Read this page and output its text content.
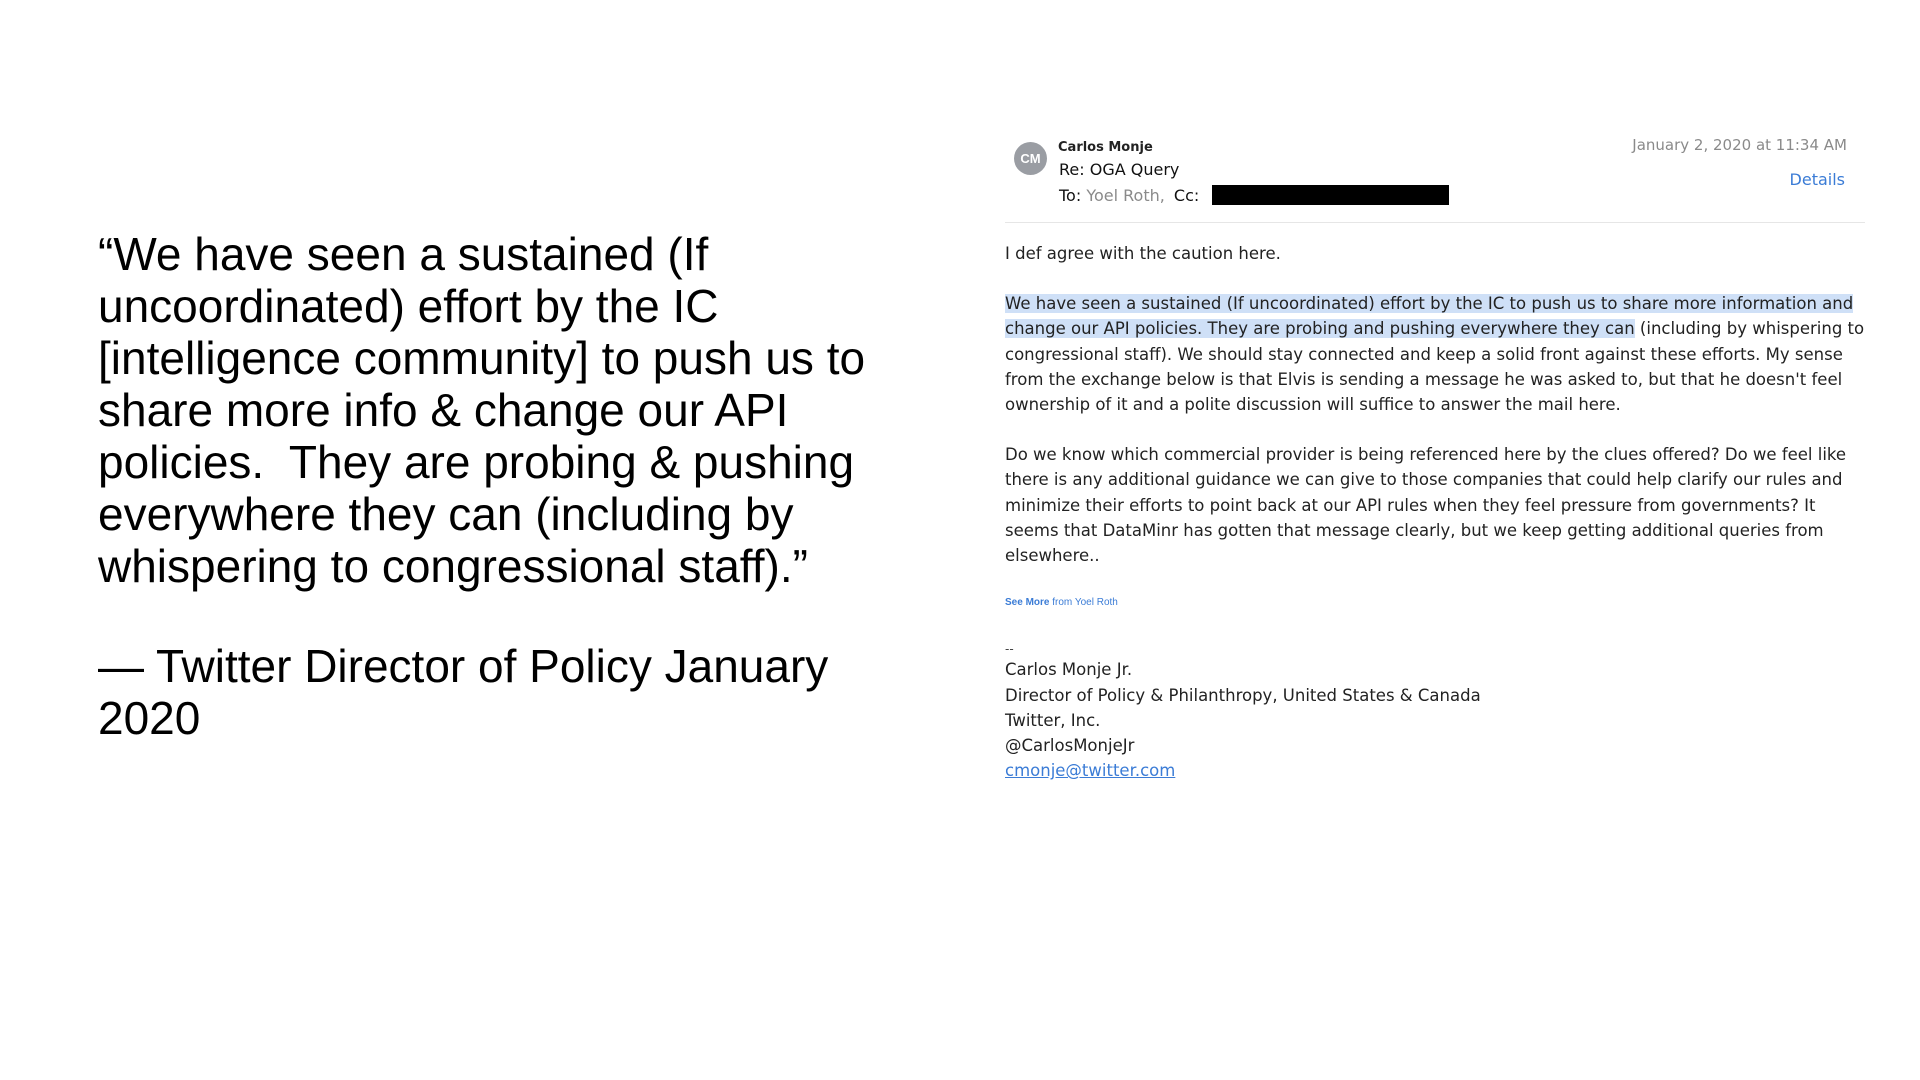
“We have seen a sustained (If uncoordinated) effort by the IC [intelligence community] to push us to share more info & change our API policies.  They are probing & pushing everywhere they can (including by whispering to congressional staff).”

— Twitter Director of Policy January 2020

CM
Carlos Monje
Re: OGA Query
To: Yoel Roth, Cc:
January 2, 2020 at 11:34 AM
Details

I def agree with the caution here.

We have seen a sustained (If uncoordinated) effort by the IC to push us to share more information and change our API policies. They are probing and pushing everywhere they can (including by whispering to congressional staff). We should stay connected and keep a solid front against these efforts. My sense from the exchange below is that Elvis is sending a message he was asked to, but that he doesn't feel ownership of it and a polite discussion will suffice to answer the mail here.

Do we know which commercial provider is being referenced here by the clues offered? Do we feel like there is any additional guidance we can give to those companies that could help clarify our rules and minimize their efforts to point back at our API rules when they feel pressure from governments? It seems that DataMinr has gotten that message clearly, but we keep getting additional queries from elsewhere..

See More from Yoel Roth

--

Carlos Monje Jr.

Director of Policy & Philanthropy, United States & Canada

Twitter, Inc.

@CarlosMonjeJr

cmonje@twitter.com
